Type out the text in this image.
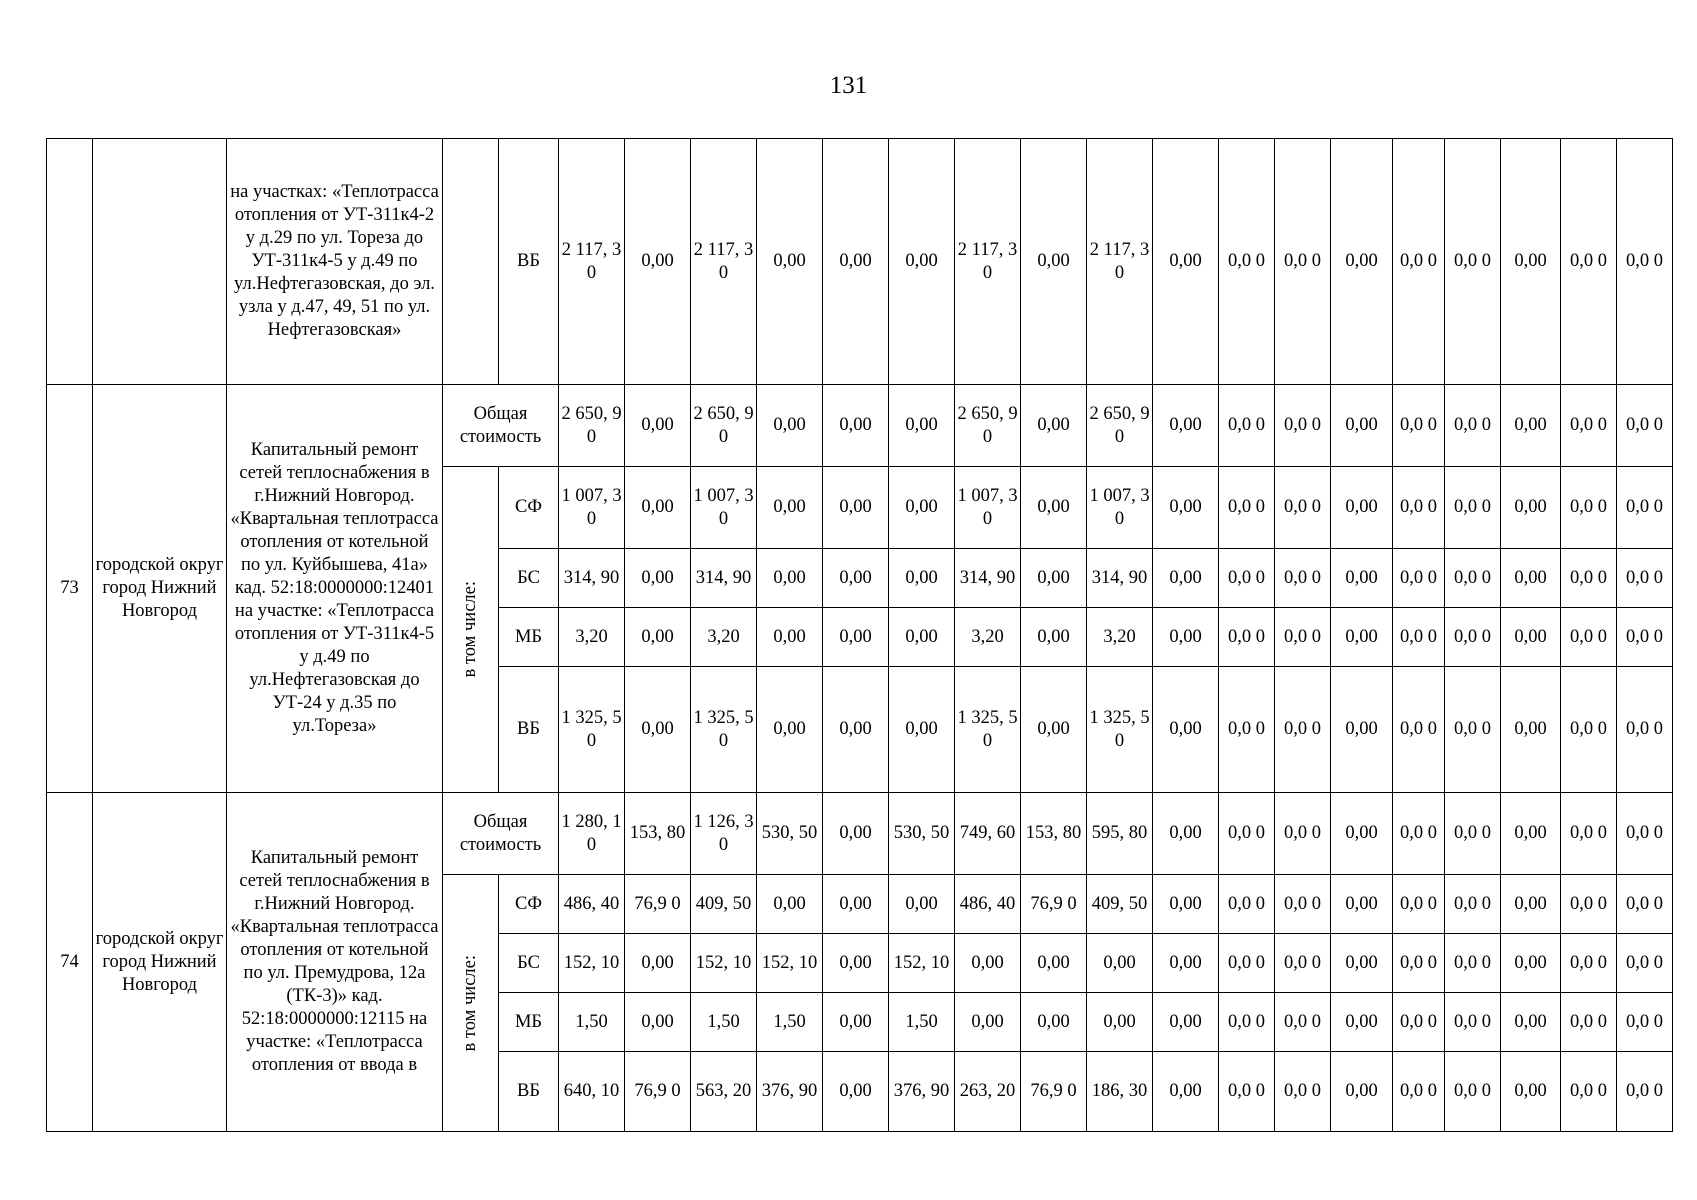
131
		на участках: «Теплотрасса отопления от УТ-311к4-2 у д.29 по ул. Тореза до УТ-311к4-5 у д.49 по ул.Нефтегазовская, до эл. узла у д.47, 49, 51 по ул. Нефтегазовская»		ВБ	2 117, 30	0,00	2 117, 30	0,00	0,00	0,00	2 117, 30	0,00	2 117, 30	0,00	0,0 0	0,0 0	0,00	0,0 0	0,0 0	0,00	0,0 0	0,0 0
73	городской округ город Нижний Новгород	Капитальный ремонт сетей теплоснабжения в г.Нижний Новгород. «Квартальная теплотрасса отопления от котельной по ул. Куйбышева, 41а» кад. 52:18:0000000:12401 на участке: «Теплотрасса отопления от УТ-311к4-5 у д.49 по ул.Нефтегазовская до УТ-24 у д.35 по ул.Тореза»	Общая стоимость		2 650, 90	0,00	2 650, 90	0,00	0,00	0,00	2 650, 90	0,00	2 650, 90	0,00	0,0 0	0,0 0	0,00	0,0 0	0,0 0	0,00	0,0 0	0,0 0

			в том числе:	СФ	1 007, 30	0,00	1 007, 30	0,00	0,00	0,00	1 007, 30	0,00	1 007, 30	0,00	0,0 0	0,0 0	0,00	0,0 0	0,0 0	0,00	0,0 0	0,0 0
				БС	314, 90	0,00	314, 90	0,00	0,00	0,00	314, 90	0,00	314, 90	0,00	0,0 0	0,0 0	0,00	0,0 0	0,0 0	0,00	0,0 0	0,0 0
				МБ	3,20	0,00	3,20	0,00	0,00	0,00	3,20	0,00	3,20	0,00	0,0 0	0,0 0	0,00	0,0 0	0,0 0	0,00	0,0 0	0,0 0
				ВБ	1 325, 50	0,00	1 325, 50	0,00	0,00	0,00	1 325, 50	0,00	1 325, 50	0,00	0,0 0	0,0 0	0,00	0,0 0	0,0 0	0,00	0,0 0	0,0 0
74	городской округ город Нижний Новгород	Капитальный ремонт сетей теплоснабжения в г.Нижний Новгород. «Квартальная теплотрасса отопления от котельной по ул. Премудрова, 12а (ТК-3)» кад. 52:18:0000000:12115 на участке: «Теплотрасса отопления от ввода в	Общая стоимость		1 280, 10	153, 80	1 126, 30	530, 50	0,00	530, 50	749, 60	153, 80	595, 80	0,00	0,0 0	0,0 0	0,00	0,0 0	0,0 0	0,00	0,0 0	0,0 0

			в том числе:	СФ	486, 40	76,9 0	409, 50	0,00	0,00	0,00	486, 40	76,9 0	409, 50	0,00	0,0 0	0,0 0	0,00	0,0 0	0,0 0	0,00	0,0 0	0,0 0
				БС	152, 10	0,00	152, 10	152, 10	0,00	152, 10	0,00	0,00	0,00	0,00	0,0 0	0,0 0	0,00	0,0 0	0,0 0	0,00	0,0 0	0,0 0
				МБ	1,50	0,00	1,50	1,50	0,00	1,50	0,00	0,00	0,00	0,00	0,0 0	0,0 0	0,00	0,0 0	0,0 0	0,00	0,0 0	0,0 0
				ВБ	640, 10	76,9 0	563, 20	376, 90	0,00	376, 90	263, 20	76,9 0	186, 30	0,00	0,0 0	0,0 0	0,00	0,0 0	0,0 0	0,00	0,0 0	0,0 0
